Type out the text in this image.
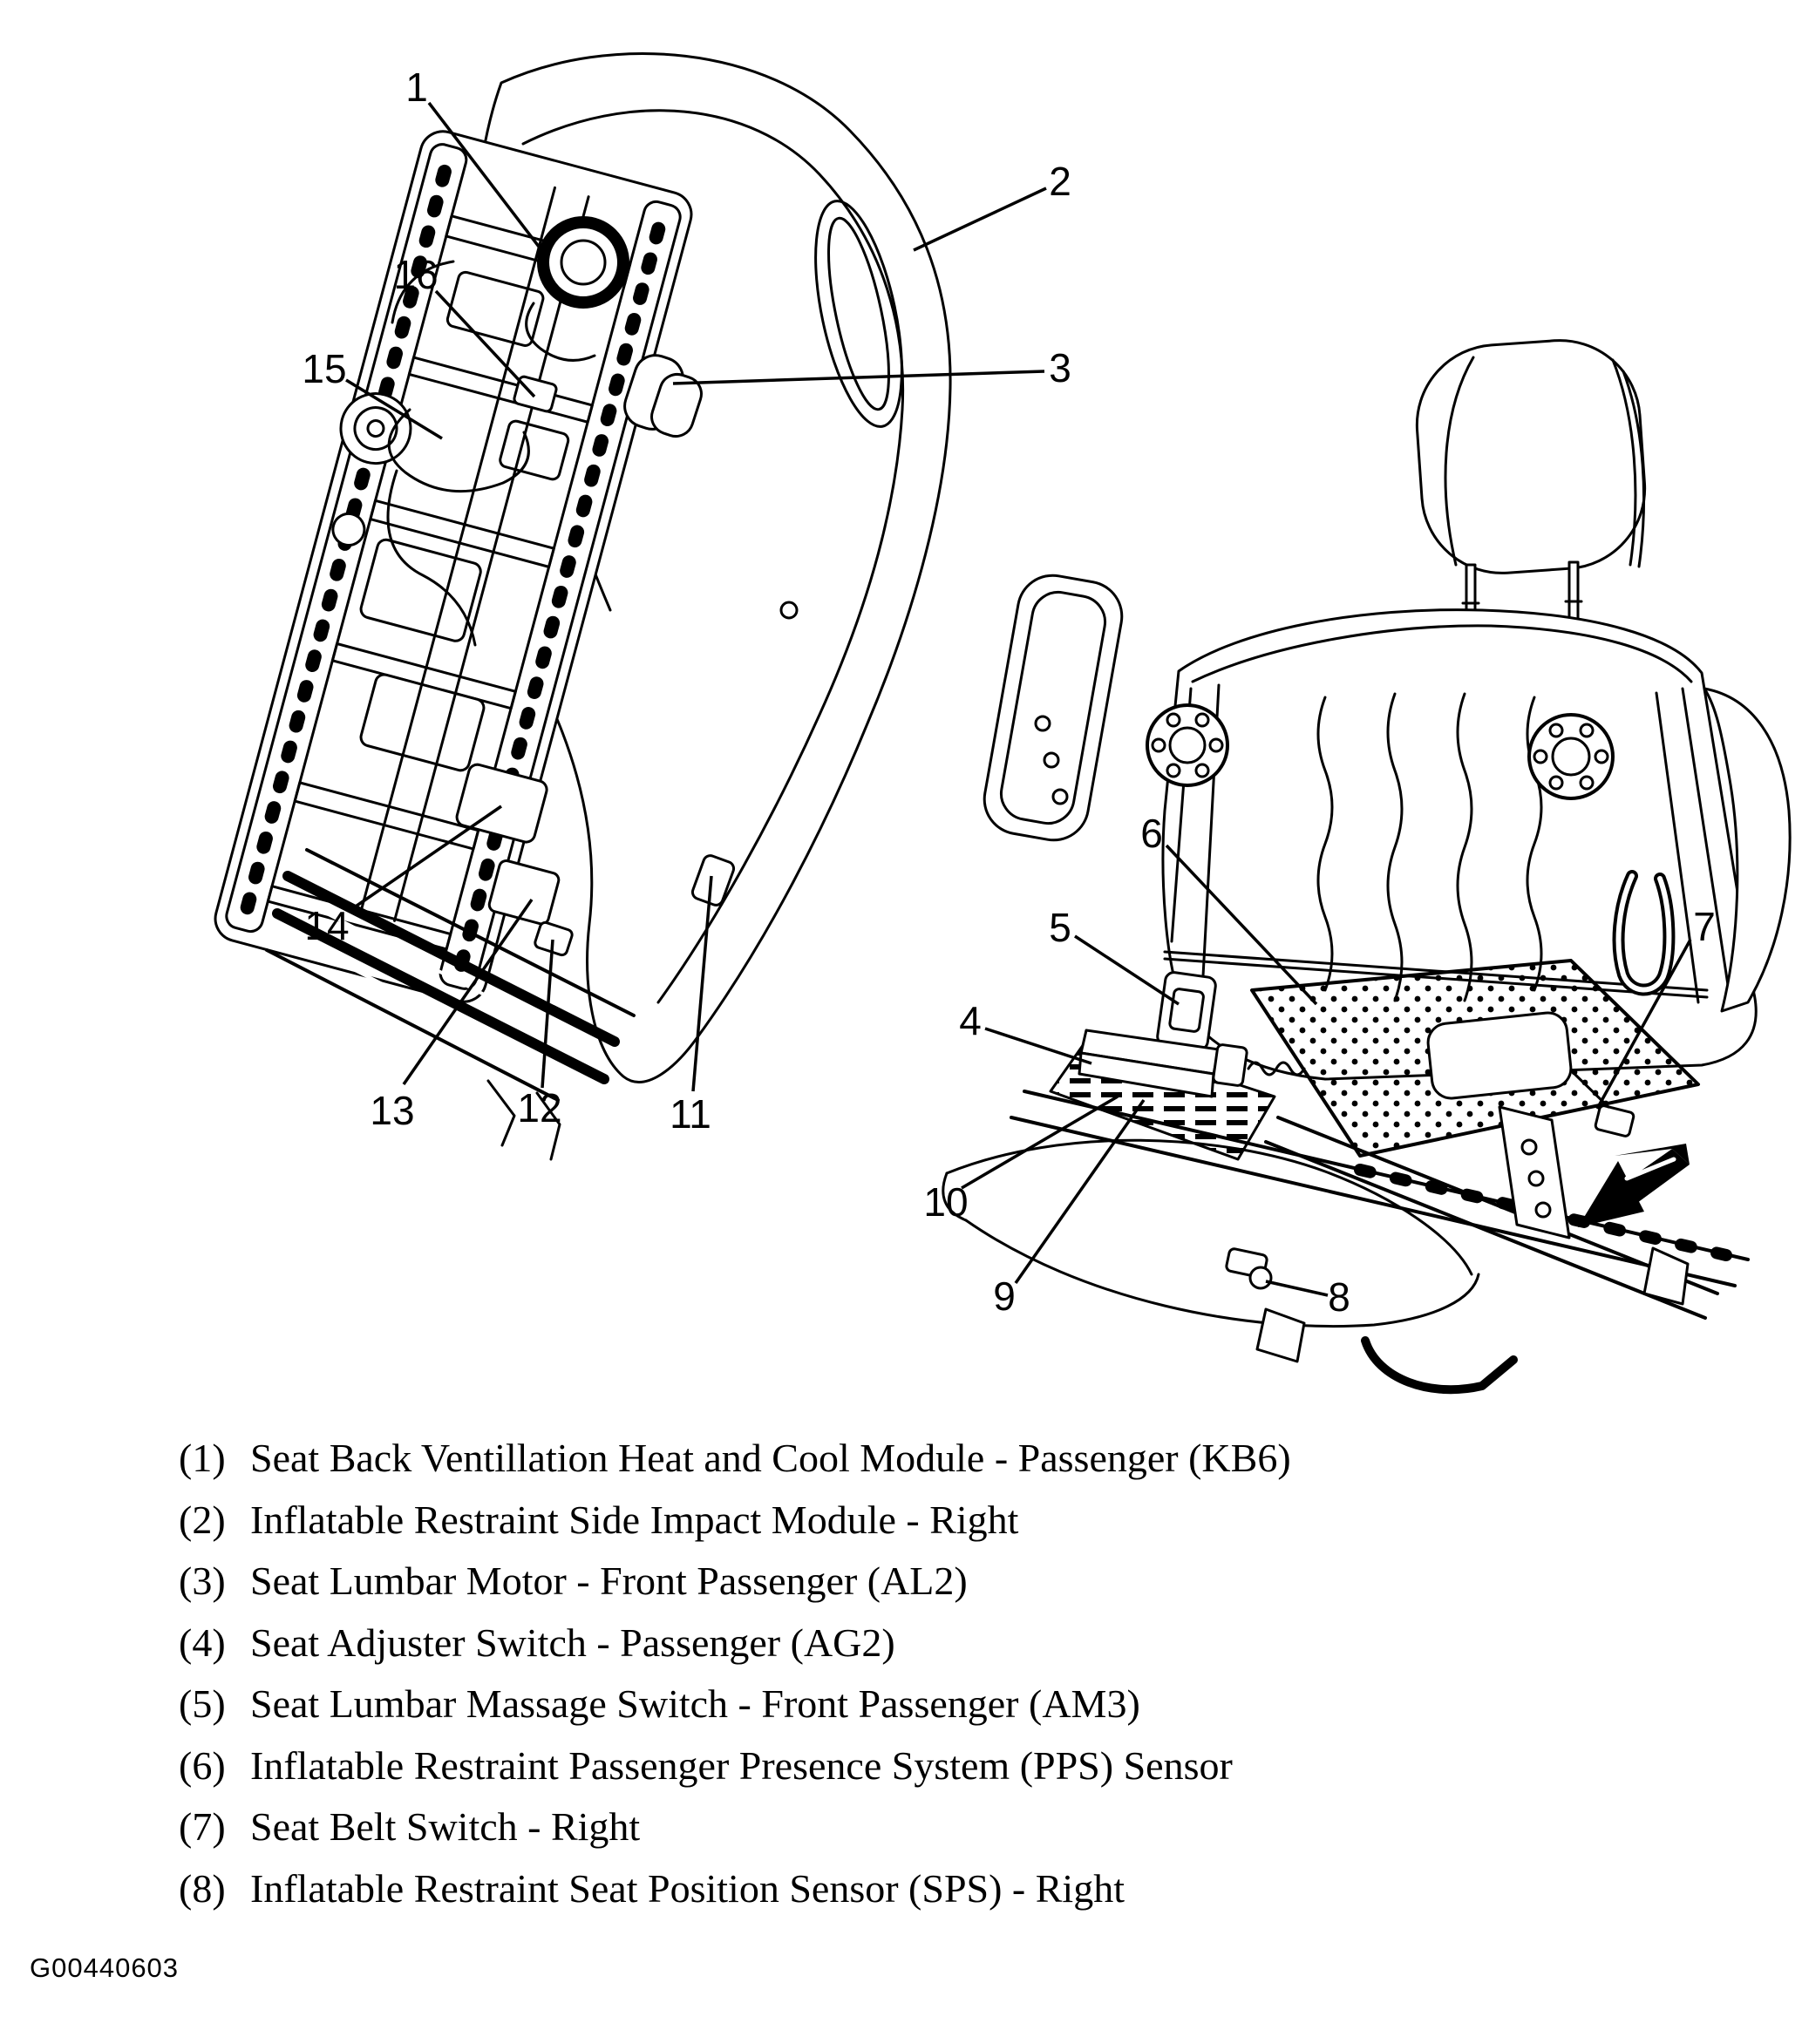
1
2
3
16
15
14
13	12	11
6
5
4
7
10
9	8
(1) Seat Back Ventillation Heat and Cool Module - Passenger (KB6)
(2) Inflatable Restraint Side Impact Module - Right
(3) Seat Lumbar Motor - Front Passenger (AL2)
(4) Seat Adjuster Switch - Passenger (AG2)
(5) Seat Lumbar Massage Switch - Front Passenger (AM3)
(6) Inflatable Restraint Passenger Presence System (PPS) Sensor
(7) Seat Belt Switch - Right
(8) Inflatable Restraint Seat Position Sensor (SPS) - Right
G00440603
